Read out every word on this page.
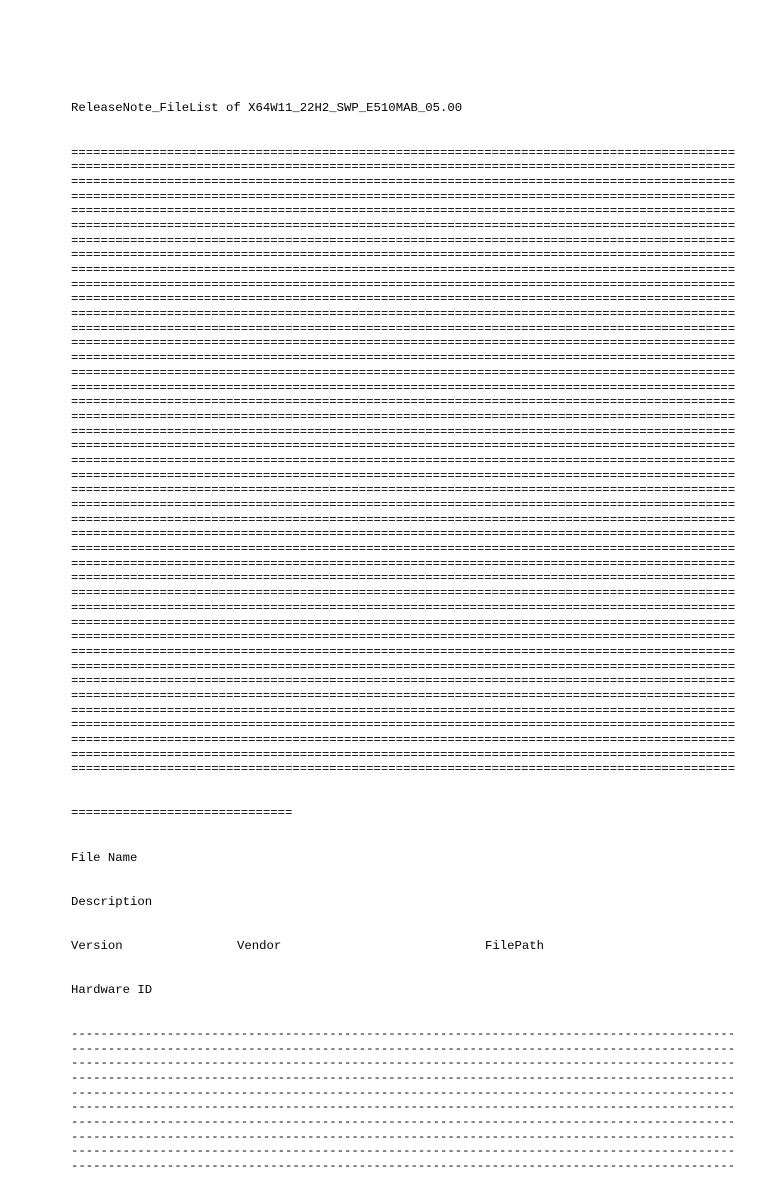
ReleaseNote_FileList of X64W11_22H2_SWP_E510MAB_05.00

==========================================================================================
==========================================================================================
==========================================================================================
==========================================================================================
==========================================================================================
==========================================================================================
==========================================================================================
==========================================================================================
==========================================================================================
==========================================================================================
==========================================================================================
==========================================================================================
==========================================================================================
==========================================================================================
==========================================================================================
==========================================================================================
==========================================================================================
==========================================================================================
==========================================================================================
==========================================================================================
==========================================================================================
==========================================================================================
==========================================================================================
==========================================================================================
==========================================================================================
==========================================================================================
==========================================================================================
==========================================================================================
==========================================================================================
==========================================================================================
==========================================================================================
==========================================================================================
==========================================================================================
==========================================================================================
==========================================================================================
==========================================================================================
==========================================================================================
==========================================================================================
==========================================================================================
==========================================================================================
==========================================================================================
==========================================================================================
==========================================================================================

==============================

File Name

Description

Version	Vendor	FilePath

Hardware ID

------------------------------------------------------------------------------------------
------------------------------------------------------------------------------------------
------------------------------------------------------------------------------------------
------------------------------------------------------------------------------------------
------------------------------------------------------------------------------------------
------------------------------------------------------------------------------------------
------------------------------------------------------------------------------------------
------------------------------------------------------------------------------------------
------------------------------------------------------------------------------------------
------------------------------------------------------------------------------------------
